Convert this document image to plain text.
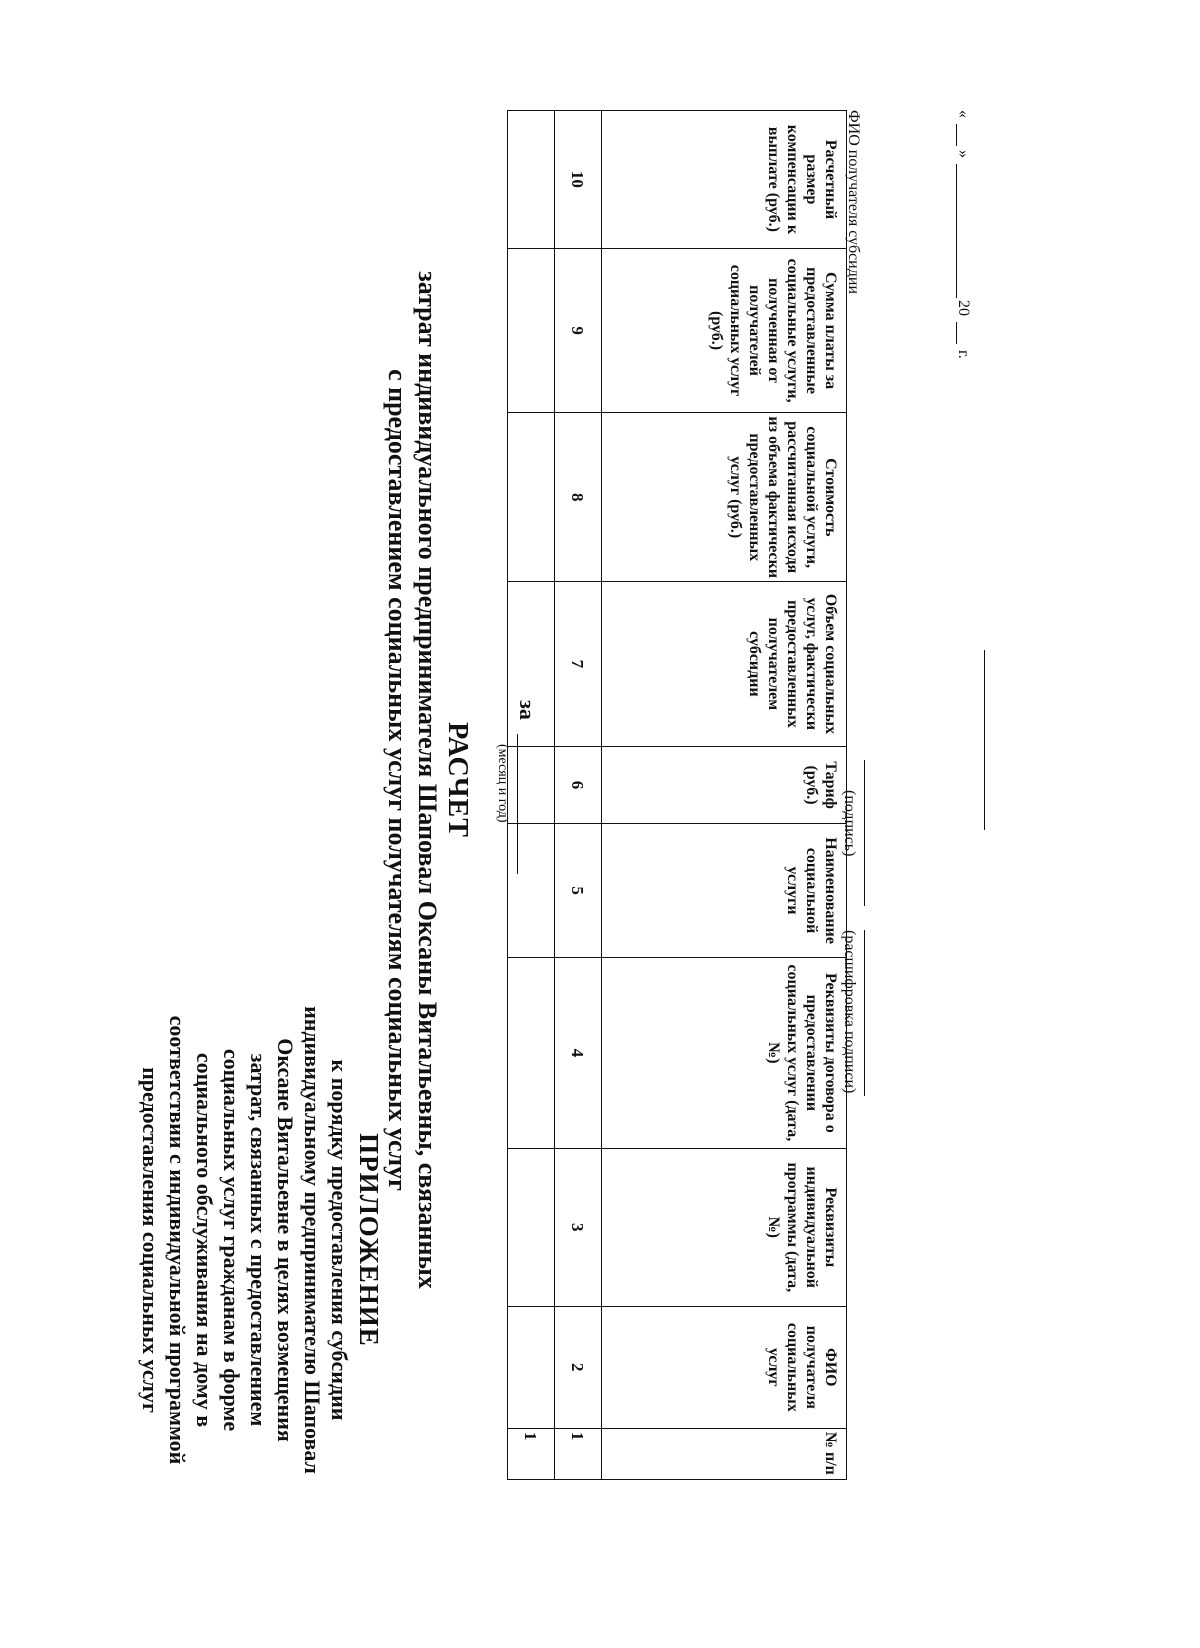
ПРИЛОЖЕНИЕ
к порядку предоставления субсидии
индивидуальному предпринимателю Шаповал
Оксане Витальевне в целях возмещения
затрат, связанных с предоставлением
социальных услуг гражданам в форме
социального обслуживания на дому в
соответствии с индивидуальной программой
предоставления социальных услуг
РАСЧЕТ
затрат индивидуального предпринимателя Шаповал Оксаны Витальевны, связанных
с предоставлением социальных услуг получателям социальных услуг	за
(месяц и год)
№ п/п	ФИО получателя социальных услуг	Реквизиты индивидуальной программы (дата, №)	Реквизиты договора о предоставлении социальных услуг (дата, №)	Наименование социальной услуги	Тариф (руб.)	Объем социальных услуг, фактически предоставленных получателем субсидии	Стоимость социальной услуги, рассчитанная исходя из объема фактически предоставленных услуг (руб.)	Сумма платы за предоставленные социальные услуги, полученная от получателей социальных услуг (руб.)	Расчетный размер компенсации к выплате (руб.)
1	2	3	4	5	6	7	8	9	10
1									
ФИО получателя субсидии	«
»
20
г.
(подпись)
(расшифровка подписи)
